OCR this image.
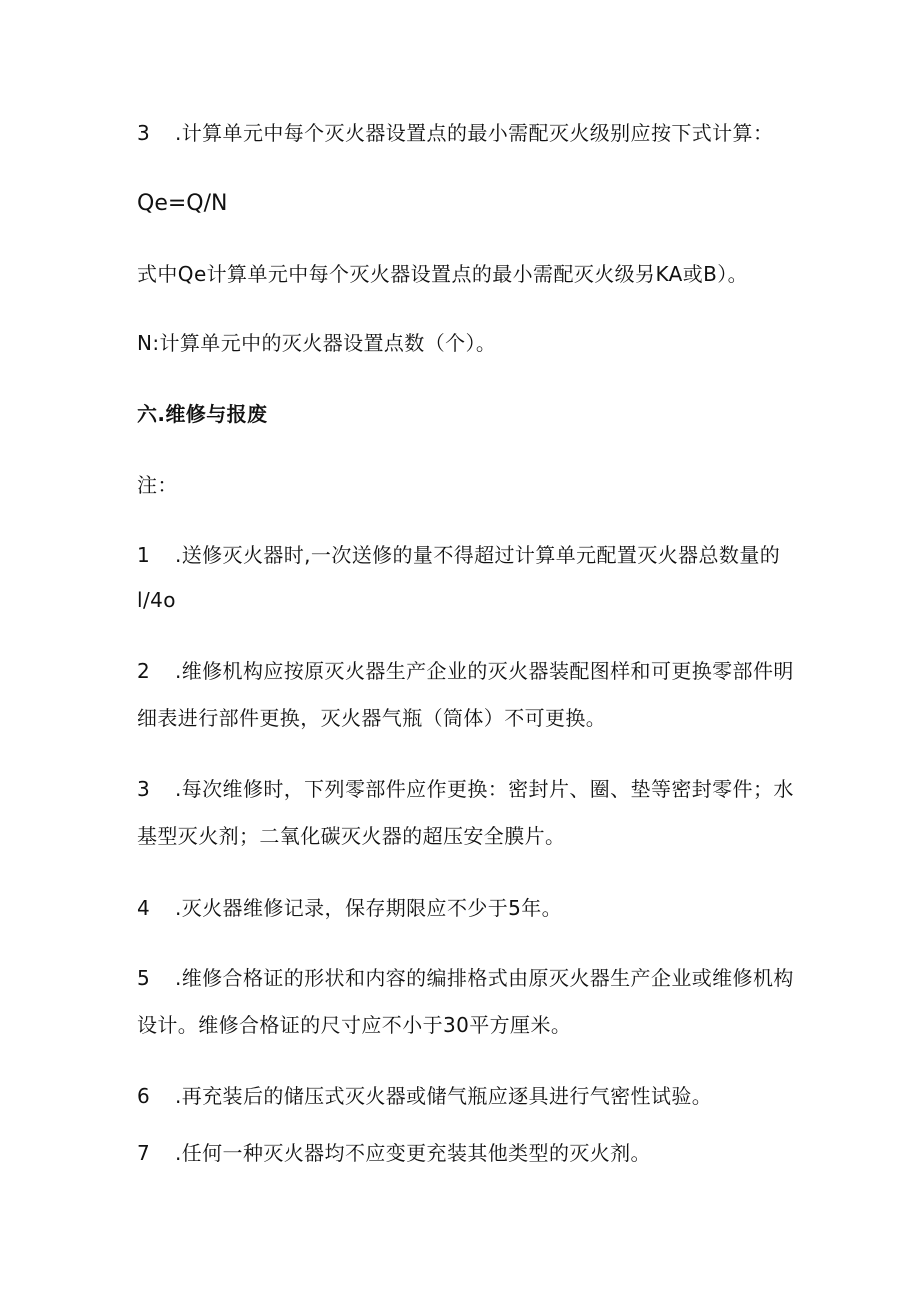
3 .计算单元中每个灭火器设置点的最小需配灭火级别应按下式计算：
Qe=Q/N
式中Qe计算单元中每个灭火器设置点的最小需配灭火级另KA或B）。
N:计算单元中的灭火器设置点数（个）。
六.维修与报废
注：
1 .送修灭火器时,一次送修的量不得超过计算单元配置灭火器总数量的
l/4o
2 .维修机构应按原灭火器生产企业的灭火器装配图样和可更换零部件明
细表进行部件更换，灭火器气瓶（筒体）不可更换。
3 .每次维修时，下列零部件应作更换：密封片、圈、垫等密封零件；水
基型灭火剂；二氧化碳灭火器的超压安全膜片。
4 .灭火器维修记录，保存期限应不少于5年。
5 .维修合格证的形状和内容的编排格式由原灭火器生产企业或维修机构
设计。维修合格证的尺寸应不小于30平方厘米。
6 .再充装后的储压式灭火器或储气瓶应逐具进行气密性试验。
7 .任何一种灭火器均不应变更充装其他类型的灭火剂。
